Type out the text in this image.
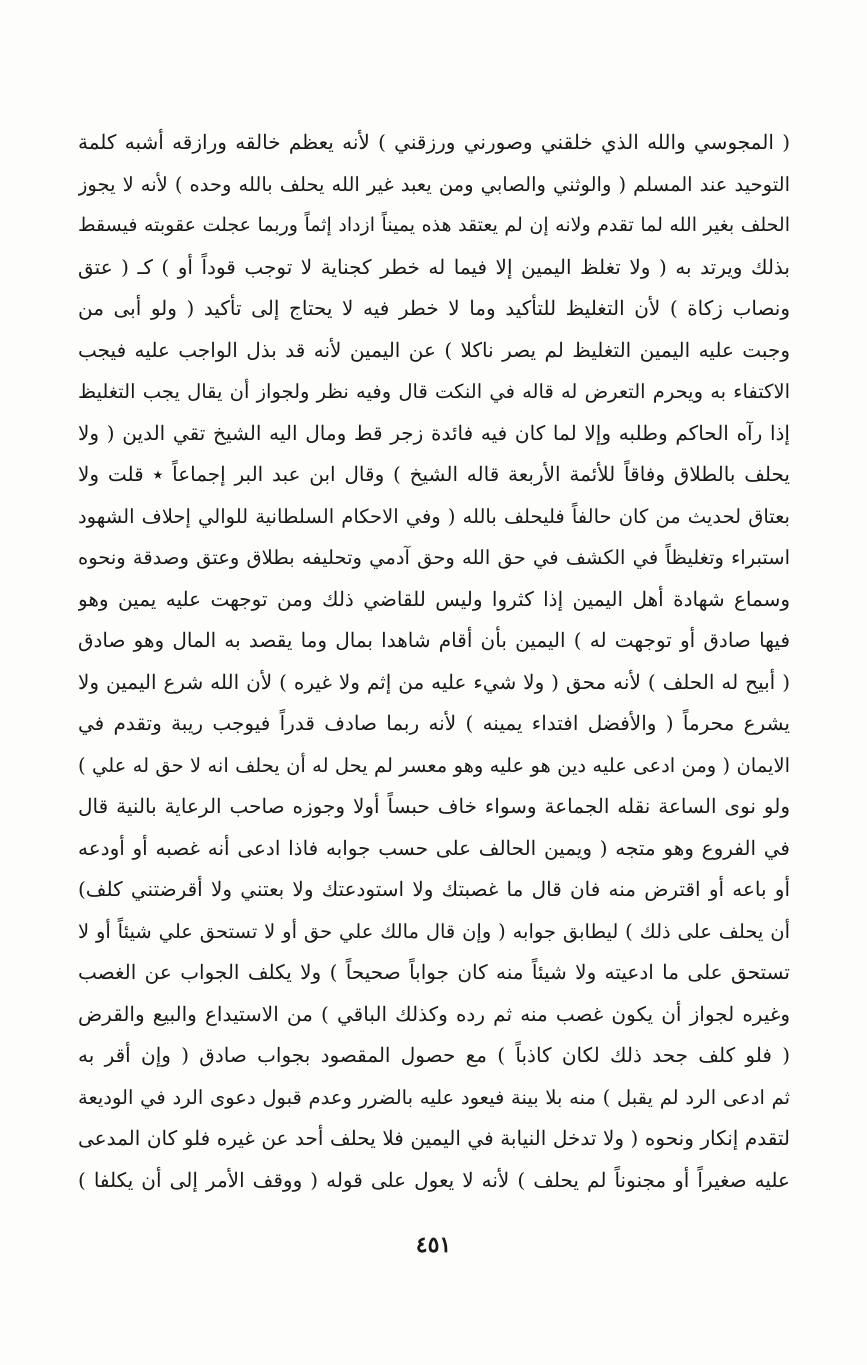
( المجوسي والله الذي خلقني وصورني ورزقني ) لأنه يعظم خالقه ورازقه أشبه كلمة
التوحيد عند المسلم ( والوثني والصابي ومن يعبد غير الله يحلف بالله وحده ) لأنه لا يجوز
الحلف بغير الله لما تقدم ولانه إن لم يعتقد هذه يميناً ازداد إثماً وربما عجلت عقوبته فيسقط
بذلك ويرتد به ( ولا تغلظ اليمين إلا فيما له خطر كجناية لا توجب قوداً أو ) كـ ( عتق
ونصاب زكاة ) لأن التغليظ للتأكيد وما لا خطر فيه لا يحتاج إلى تأكيد ( ولو أبى من
وجبت عليه اليمين التغليظ لم يصر ناكلا ) عن اليمين لأنه قد بذل الواجب عليه فيجب
الاكتفاء به ويحرم التعرض له قاله في النكت قال وفيه نظر ولجواز أن يقال يجب التغليظ
إذا رآه الحاكم وطلبه وإلا لما كان فيه فائدة زجر قط ومال اليه الشيخ تقي الدين ( ولا
يحلف بالطلاق وفاقاً للأئمة الأربعة قاله الشيخ ) وقال ابن عبد البر إجماعاً ٭ قلت ولا
بعتاق لحديث من كان حالفاً فليحلف بالله ( وفي الاحكام السلطانية للوالي إحلاف الشهود
استبراء وتغليظاً في الكشف في حق الله وحق آدمي وتحليفه بطلاق وعتق وصدقة ونحوه
وسماع شهادة أهل اليمين إذا كثروا وليس للقاضي ذلك ومن توجهت عليه يمين وهو
فيها صادق أو توجهت له ) اليمين بأن أقام شاهدا بمال وما يقصد به المال وهو صادق
( أبيح له الحلف ) لأنه محق ( ولا شيء عليه من إثم ولا غيره ) لأن الله شرع اليمين ولا
يشرع محرماً ( والأفضل افتداء يمينه ) لأنه ربما صادف قدراً فيوجب ريبة وتقدم في
الايمان ( ومن ادعى عليه دين هو عليه وهو معسر لم يحل له أن يحلف انه لا حق له علي )
ولو نوى الساعة نقله الجماعة وسواء خاف حبساً أولا وجوزه صاحب الرعاية بالنية قال
في الفروع وهو متجه ( ويمين الحالف على حسب جوابه فاذا ادعى أنه غصبه أو أودعه
أو باعه أو اقترض منه فان قال ما غصبتك ولا استودعتك ولا بعتني ولا أقرضتني كلف)
أن يحلف على ذلك ) ليطابق جوابه ( وإن قال مالك علي حق أو لا تستحق علي شيئاً أو لا
تستحق على ما ادعيته ولا شيئاً منه كان جواباً صحيحاً ) ولا يكلف الجواب عن الغصب
وغيره لجواز أن يكون غصب منه ثم رده وكذلك الباقي ) من الاستيداع والبيع والقرض
( فلو كلف جحد ذلك لكان كاذباً ) مع حصول المقصود بجواب صادق ( وإن أقر به
ثم ادعى الرد لم يقبل ) منه بلا بينة فيعود عليه بالضرر وعدم قبول دعوى الرد في الوديعة
لتقدم إنكار ونحوه ( ولا تدخل النيابة في اليمين فلا يحلف أحد عن غيره فلو كان المدعى
عليه صغيراً أو مجنوناً لم يحلف ) لأنه لا يعول على قوله ( ووقف الأمر إلى أن يكلفا )
٤٥١
